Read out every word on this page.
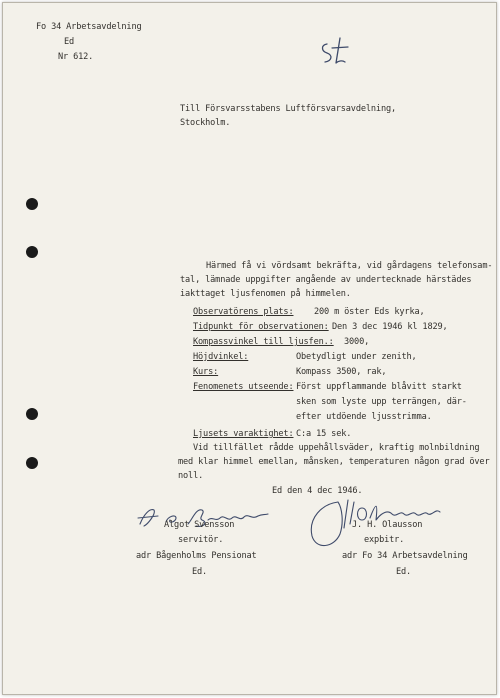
Fo 34 Arbetsavdelning
Ed
Nr 612.
Till Försvarsstabens Luftförsvarsavdelning,
Stockholm.
Härmed få vi vördsamt bekräfta, vid gårdagens telefonsam-
tal, lämnade uppgifter angående av undertecknade härstädes
iakttaget ljusfenomen på himmelen.
Observatörens plats: 200 m öster Eds kyrka,
Tidpunkt för observationen: Den 3 dec 1946 kl 1829,
Kompassvinkel till ljusfen.: 3000,
Höjdvinkel:	Obetydligt under zenith,
Kurs:	Kompass 3500, rak,
Fenomenets utseende: Först uppflammande blåvitt starkt
sken som lyste upp terrängen, där-
efter utdöende ljusstrimma.
Ljusets varaktighet: C:a 15 sek.
Vid tillfället rådde uppehållsväder, kraftig molnbildning
med klar himmel emellan, månsken, temperaturen någon grad över
noll.
Ed den 4 dec 1946.
Algot Svensson
servitör.
adr Bågenholms Pensionat
Ed.
J. H. Olausson
expbitr.
adr Fo 34 Arbetsavdelning
Ed.
